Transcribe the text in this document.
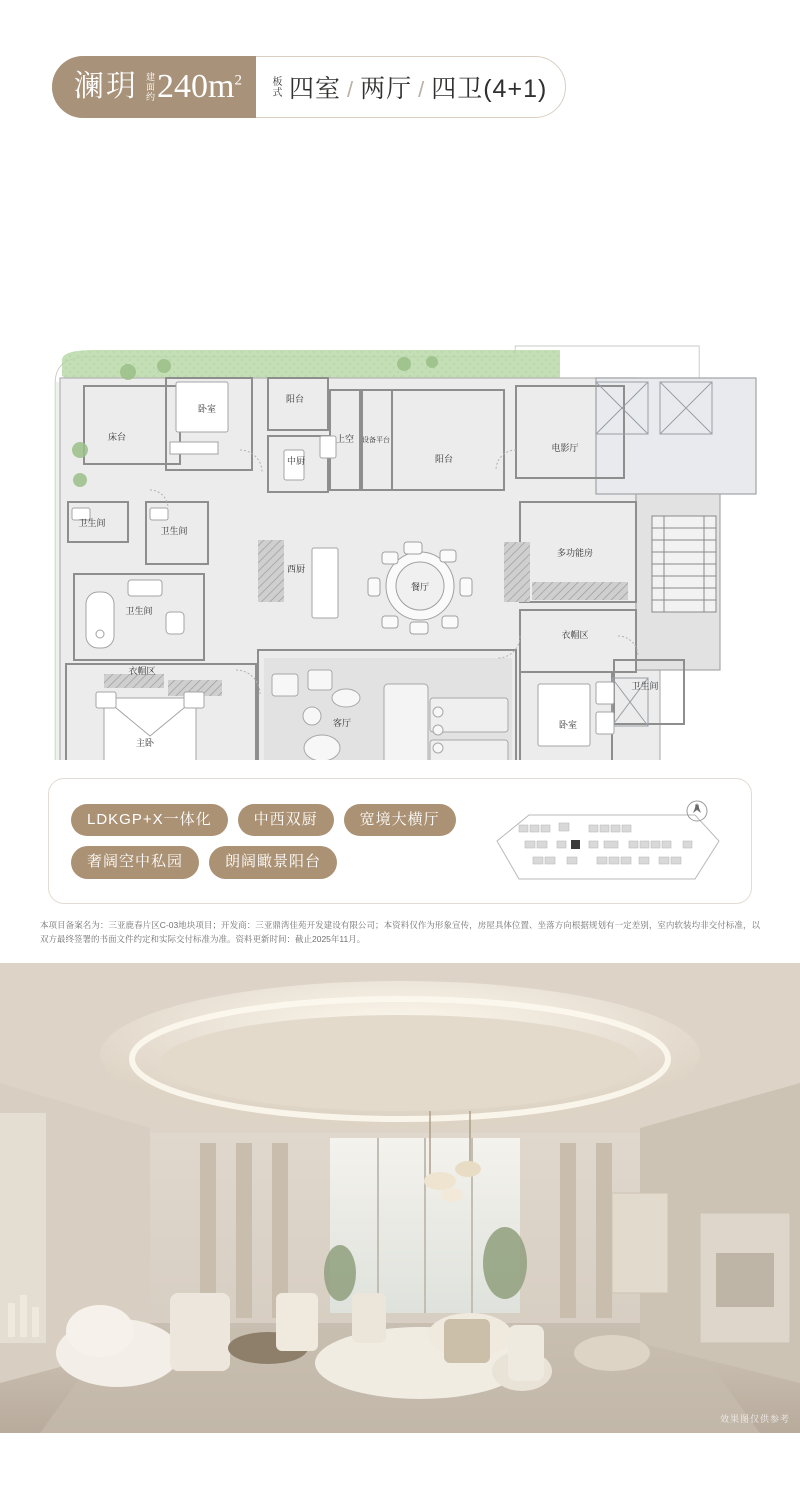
澜玥 建面约 $240m^2$	板式 四室 / 两厅 / 四卫(4+1)
卧室
阳台
床台
中厨
上空 设备平台
阳台
电影厅
卫生间
卫生间
卫生间
西厨
餐厅
多功能房
衣帽区
衣帽区
客厅	卧室
卫生间
主卧
LDKGP+X一体化	中西双厨	宽境大横厅
奢阔空中私园	朗阔瞰景阳台
N
本项目备案名为：三亚鹿春片区C-03地块项目；开发商：三亚鼎湾佳苑开发建设有限公司；本资料仅作为形象宣传，房屋具体位置、坐落方向根据规划有一定差别，室内软装均非交付标准，以双方最终签署的书面文件约定和实际交付标准为准。资料更新时间：截止2025年11月。
效果图仅供参考
